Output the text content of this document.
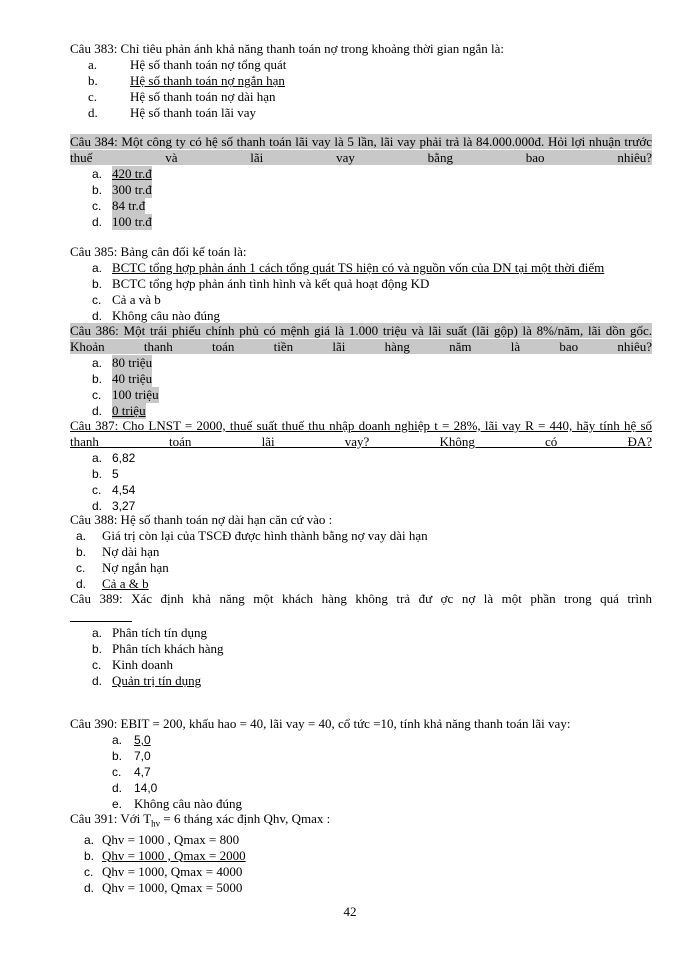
Câu 383: Chỉ tiêu phản ánh khả năng thanh toán nợ trong khoảng thời gian ngắn là:
a.	Hệ số thanh toán nợ tổng quát
b. Hệ số thanh toán nợ ngắn hạn
c.	Hệ số thanh toán nợ dài hạn
d. Hệ số thanh toán lãi vay
Câu 384: Một công ty có hệ số thanh toán lãi vay là 5 lần, lãi vay phải trả là 84.000.000đ. Hỏi lợi nhuận trước thuế và lãi vay bằng bao nhiêu?
a. 420 tr.đ
b. 300 tr.đ
c. 84 tr.đ
d. 100 tr.đ
Câu 385: Bảng cân đối kế toán là:
a. BCTC tổng hợp phản ánh 1 cách tổng quát TS hiện có và nguồn vốn của DN tại một thời điểm
b. BCTC tổng hợp phản ánh tình hình và kết quả hoạt động KD
c. Cả a và b
d. Không câu nào đúng
Câu 386: Một trái phiếu chính phủ có mệnh giá là 1.000 triệu và lãi suất (lãi gộp) là 8%/năm, lãi dồn gốc. Khoản thanh toán tiền lãi hàng năm là bao nhiêu?
a. 80 triệu
b. 40 triệu
c. 100 triệu
d. 0 triệu
Câu 387: Cho LNST = 2000, thuế suất thuế thu nhập doanh nghiệp t = 28%, lãi vay R = 440, hãy tính hệ số thanh toán lãi vay? Không có ĐA?
a. 6,82
b. 5
c. 4,54
d. 3,27
Câu 388: Hệ số thanh toán nợ dài hạn căn cứ vào :
a. Giá trị còn lại của TSCĐ được hình thành bằng nợ vay dài hạn
b. Nợ dài hạn
c. Nợ ngắn hạn
d. Cả a & b
Câu 389: Xác định khả năng một khách hàng không trả đư ợc nợ là một phần trong quá trình
a. Phân tích tín dụng
b. Phân tích khách hàng
c. Kinh doanh
d. Quản trị tín dụng
Câu 390: EBIT = 200, khấu hao = 40, lãi vay = 40, cổ tức =10, tính khả năng thanh toán lãi vay:
a. 5,0
b. 7,0
c. 4,7
d. 14,0
e. Không câu nào đúng
Câu 391: Với $T_{hv} = 6$ tháng xác định Qhv, Qmax :
a. Qhv = 1000 , Qmax = 800
b. Qhv = 1000 , Qmax = 2000
c. Qhv = 1000, Qmax = 4000
d. Qhv = 1000, Qmax = 5000
42
